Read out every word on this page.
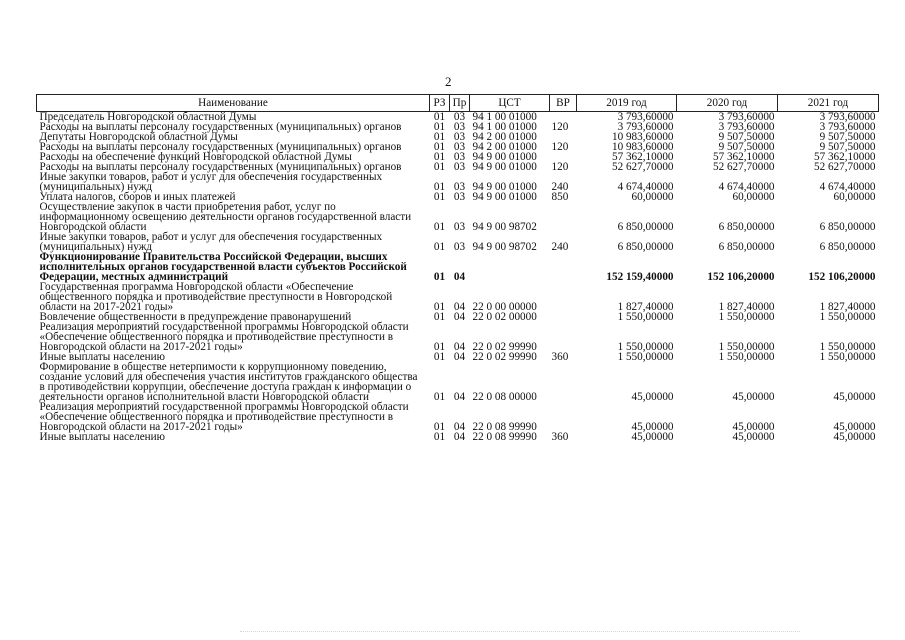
2
Наименование	РЗ	Пр	ЦСТ	ВР	2019 год	2020 год	2021 год
Председатель Новгородской областной Думы	01	03	94 1 00 01000		3 793,60000	3 793,60000	3 793,60000
Расходы на выплаты персоналу государственных (муниципальных) органов	01	03	94 1 00 01000	120	3 793,60000	3 793,60000	3 793,60000
Депутаты Новгородской областной Думы	01	03	94 2 00 01000		10 983,60000	9 507,50000	9 507,50000
Расходы на выплаты персоналу государственных (муниципальных) органов	01	03	94 2 00 01000	120	10 983,60000	9 507,50000	9 507,50000
Расходы на обеспечение функций Новгородской областной Думы	01	03	94 9 00 01000		57 362,10000	57 362,10000	57 362,10000
Расходы на выплаты персоналу государственных (муниципальных) органов	01	03	94 9 00 01000	120	52 627,70000	52 627,70000	52 627,70000
Иные закупки товаров, работ и услуг для обеспечения государственных (муниципальных) нужд	01	03	94 9 00 01000	240	4 674,40000	4 674,40000	4 674,40000
Уплата налогов, сборов и иных платежей	01	03	94 9 00 01000	850	60,00000	60,00000	60,00000
Осуществление закупок в части приобретения работ, услуг по информационному освещению деятельности органов государственной власти Новгородской области	01	03	94 9 00 98702		6 850,00000	6 850,00000	6 850,00000
Иные закупки товаров, работ и услуг для обеспечения государственных (муниципальных) нужд	01	03	94 9 00 98702	240	6 850,00000	6 850,00000	6 850,00000
Функционирование Правительства Российской Федерации, высших исполнительных органов государственной власти субъектов Российской Федерации, местных администраций	01	04			152 159,40000	152 106,20000	152 106,20000
Государственная программа Новгородской области «Обеспечение общественного порядка и противодействие преступности в Новгородской области на 2017-2021 годы»	01	04	22 0 00 00000		1 827,40000	1 827,40000	1 827,40000
Вовлечение общественности в предупреждение правонарушений	01	04	22 0 02 00000		1 550,00000	1 550,00000	1 550,00000
Реализация мероприятий государственной программы Новгородской области «Обеспечение общественного порядка и противодействие преступности в Новгородской области на 2017-2021 годы»	01	04	22 0 02 99990		1 550,00000	1 550,00000	1 550,00000
Иные выплаты населению	01	04	22 0 02 99990	360	1 550,00000	1 550,00000	1 550,00000
Формирование в обществе нетерпимости к коррупционному поведению, создание условий для обеспечения участия институтов гражданского общества в противодействии коррупции, обеспечение доступа граждан к информации о деятельности органов исполнительной власти Новгородской области	01	04	22 0 08 00000		45,00000	45,00000	45,00000
Реализация мероприятий государственной программы Новгородской области «Обеспечение общественного порядка и противодействие преступности в Новгородской области на 2017-2021 годы»	01	04	22 0 08 99990		45,00000	45,00000	45,00000
Иные выплаты населению	01	04	22 0 08 99990	360	45,00000	45,00000	45,00000
